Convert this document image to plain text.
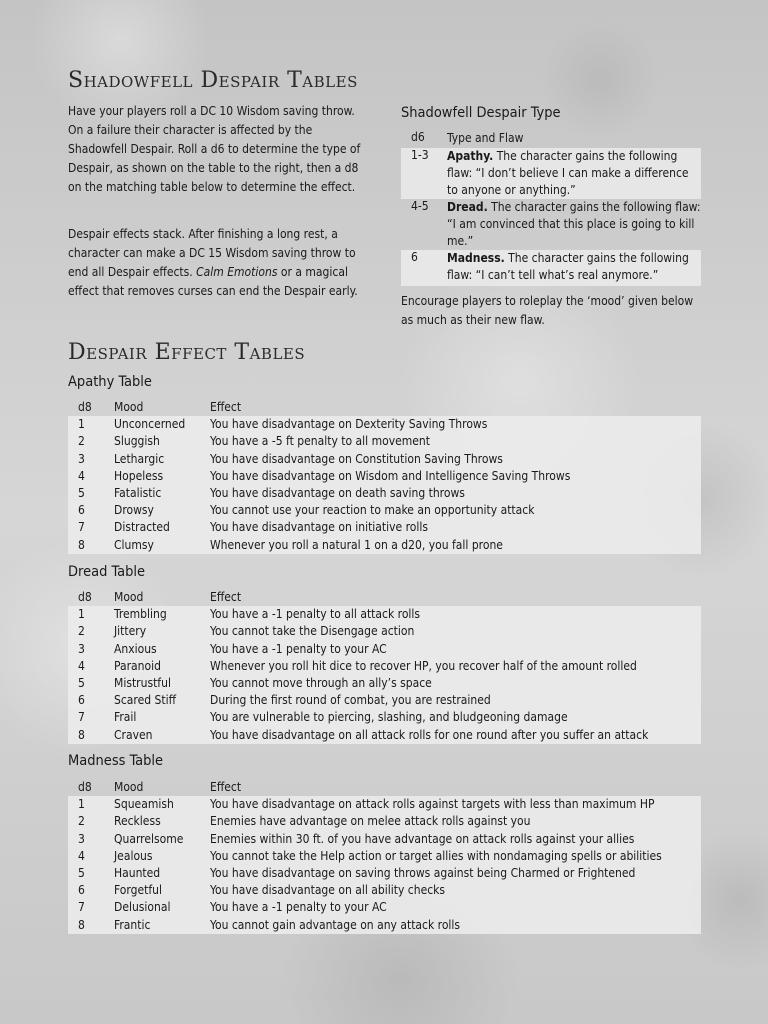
Shadowfell Despair Tables

Have your players roll a DC 10 Wisdom saving throw. On a failure their character is affected by the Shadowfell Despair. Roll a d6 to determine the type of Despair, as shown on the table to the right, then a d8 on the matching table below to determine the effect.

Despair effects stack. After finishing a long rest, a character can make a DC 15 Wisdom saving throw to end all Despair effects. Calm Emotions or a magical effect that removes curses can end the Despair early.

Shadowfell Despair Type
d6	Type and Flaw
1-3	Apathy. The character gains the following flaw: “I don’t believe I can make a difference to anyone or anything.”
4-5	Dread. The character gains the following flaw: “I am convinced that this place is going to kill me.”
6	Madness. The character gains the following flaw: “I can’t tell what’s real anymore.”

Encourage players to roleplay the ‘mood’ given below as much as their new flaw.

Despair Effect Tables
Apathy Table
d8	Mood	Effect
1	Unconcerned	You have disadvantage on Dexterity Saving Throws
2	Sluggish	You have a -5 ft penalty to all movement
3	Lethargic	You have disadvantage on Constitution Saving Throws
4	Hopeless	You have disadvantage on Wisdom and Intelligence Saving Throws
5	Fatalistic	You have disadvantage on death saving throws
6	Drowsy	You cannot use your reaction to make an opportunity attack
7	Distracted	You have disadvantage on initiative rolls
8	Clumsy	Whenever you roll a natural 1 on a d20, you fall prone
Dread Table
d8	Mood	Effect
1	Trembling	You have a -1 penalty to all attack rolls
2	Jittery	You cannot take the Disengage action
3	Anxious	You have a -1 penalty to your AC
4	Paranoid	Whenever you roll hit dice to recover HP, you recover half of the amount rolled
5	Mistrustful	You cannot move through an ally’s space
6	Scared Stiff	During the first round of combat, you are restrained
7	Frail	You are vulnerable to piercing, slashing, and bludgeoning damage
8	Craven	You have disadvantage on all attack rolls for one round after you suffer an attack
Madness Table
d8	Mood	Effect
1	Squeamish	You have disadvantage on attack rolls against targets with less than maximum HP
2	Reckless	Enemies have advantage on melee attack rolls against you
3	Quarrelsome	Enemies within 30 ft. of you have advantage on attack rolls against your allies
4	Jealous	You cannot take the Help action or target allies with nondamaging spells or abilities
5	Haunted	You have disadvantage on saving throws against being Charmed or Frightened
6	Forgetful	You have disadvantage on all ability checks
7	Delusional	You have a -1 penalty to your AC
8	Frantic	You cannot gain advantage on any attack rolls
